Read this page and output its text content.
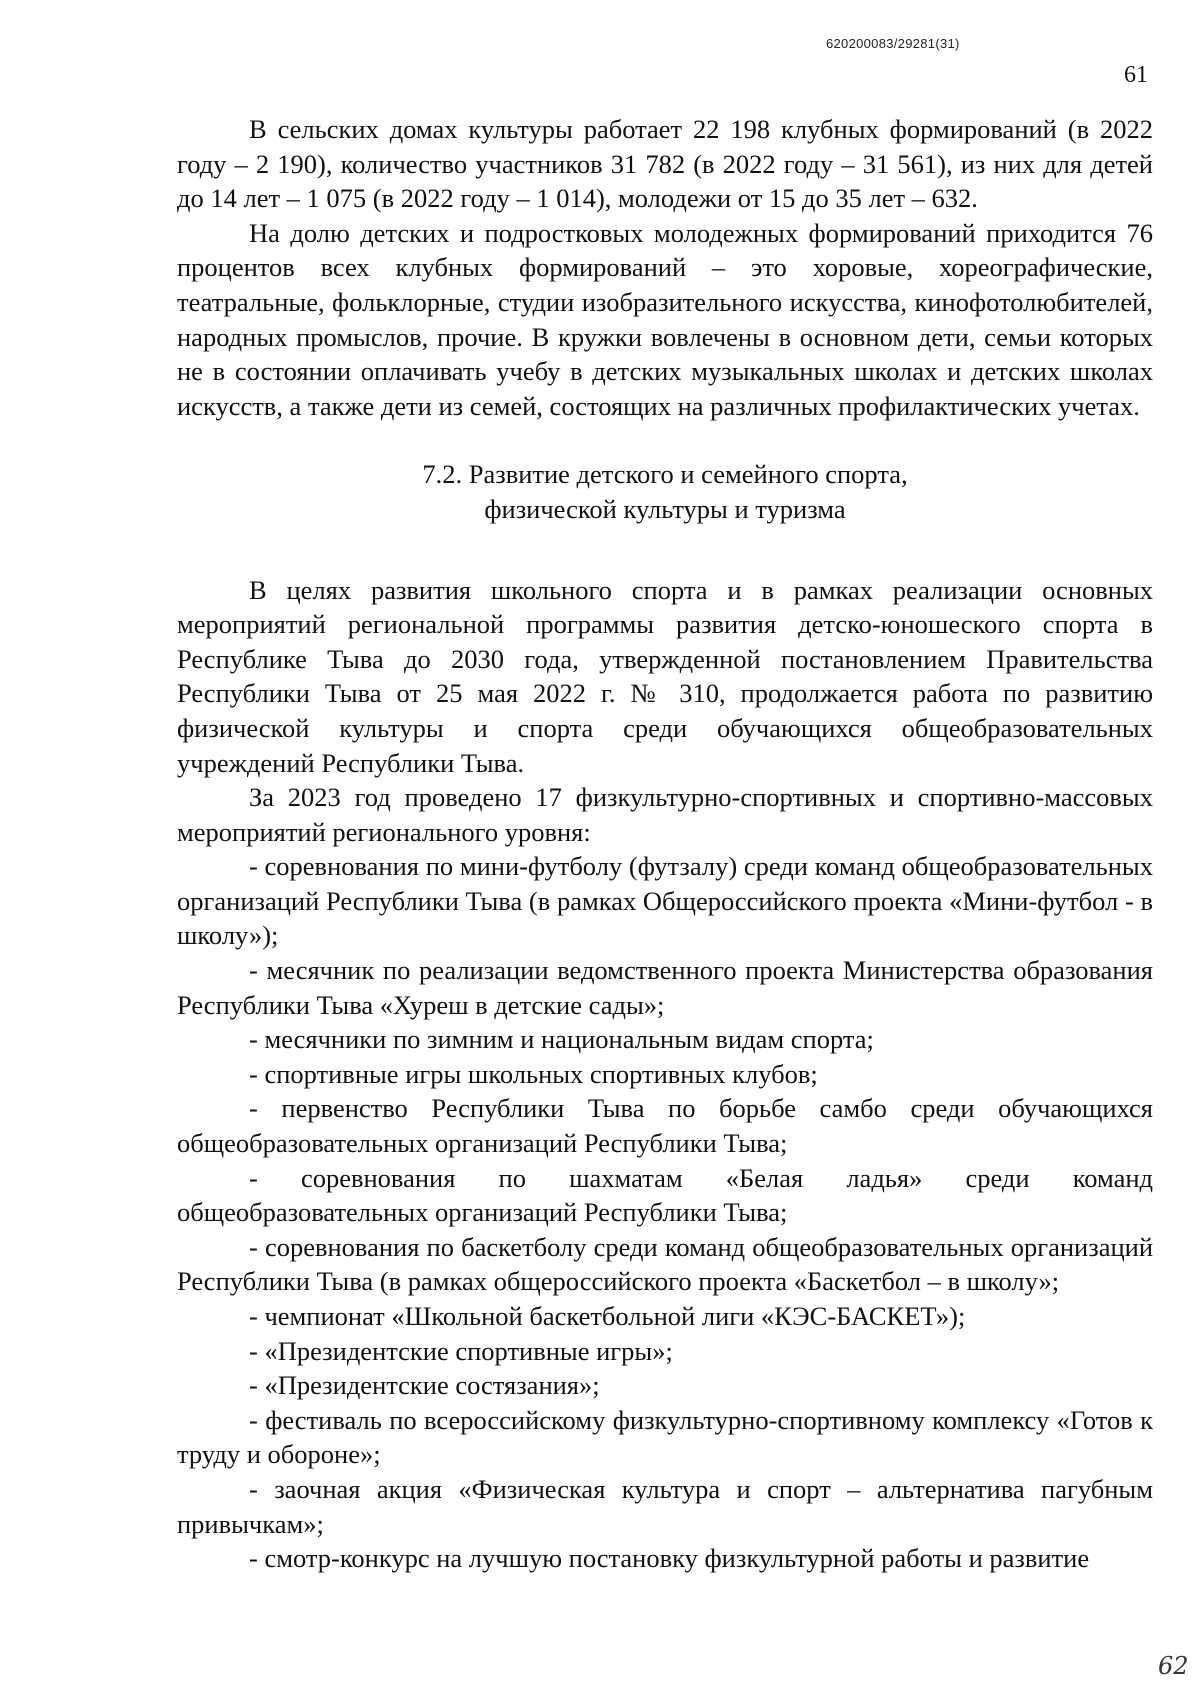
620200083/29281(31)
61

В сельских домах культуры работает 22 198 клубных формирований (в 2022 году – 2 190), количество участников 31 782 (в 2022 году – 31 561), из них для детей до 14 лет – 1 075 (в 2022 году – 1 014), молодежи от 15 до 35 лет – 632.

На долю детских и подростковых молодежных формирований приходится 76 процентов всех клубных формирований – это хоровые, хореографические, театральные, фольклорные, студии изобразительного искусства, кинофотолюбителей, народных промыслов, прочие. В кружки вовлечены в основном дети, семьи которых не в состоянии оплачивать учебу в детских музыкальных школах и детских школах искусств, а также дети из семей, состоящих на различных профилактических учетах.

7.2. Развитие детского и семейного спорта,
физической культуры и туризма

В целях развития школьного спорта и в рамках реализации основных мероприятий региональной программы развития детско-юношеского спорта в Республике Тыва до 2030 года, утвержденной постановлением Правительства Республики Тыва от 25 мая 2022 г. № 310, продолжается работа по развитию физической культуры и спорта среди обучающихся общеобразовательных учреждений Республики Тыва.

За 2023 год проведено 17 физкультурно-спортивных и спортивно-массовых мероприятий регионального уровня:

- соревнования по мини-футболу (футзалу) среди команд общеобразовательных организаций Республики Тыва (в рамках Общероссийского проекта «Мини-футбол - в школу»);

- месячник по реализации ведомственного проекта Министерства образования Республики Тыва «Хуреш в детские сады»;

- месячники по зимним и национальным видам спорта;

- спортивные игры школьных спортивных клубов;

- первенство Республики Тыва по борьбе самбо среди обучающихся общеобразовательных организаций Республики Тыва;

- соревнования по шахматам «Белая ладья» среди команд общеобразовательных организаций Республики Тыва;

- соревнования по баскетболу среди команд общеобразовательных организаций Республики Тыва (в рамках общероссийского проекта «Баскетбол – в школу»;

- чемпионат «Школьной баскетбольной лиги «КЭС-БАСКЕТ»);

- «Президентские спортивные игры»;

- «Президентские состязания»;

- фестиваль по всероссийскому физкультурно-спортивному комплексу «Готов к труду и обороне»;

- заочная акция «Физическая культура и спорт – альтернатива пагубным привычкам»;

- смотр-конкурс на лучшую постановку физкультурной работы и развитие

62
